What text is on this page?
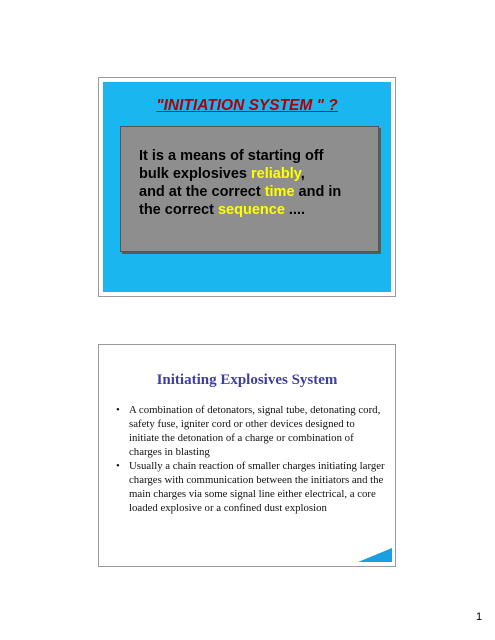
"INITIATION SYSTEM " ?
It is a means of starting off
bulk explosives reliably,
and at the correct time and in
the correct sequence ....
Initiating Explosives System
• A combination of detonators, signal tube, detonating cord, safety fuse, igniter cord or other devices designed to initiate the detonation of a charge or combination of charges in blasting
• Usually a chain reaction of smaller charges initiating larger charges with communication between the initiators and the main charges via some signal line either electrical, a core loaded explosive or a confined dust explosion
1
